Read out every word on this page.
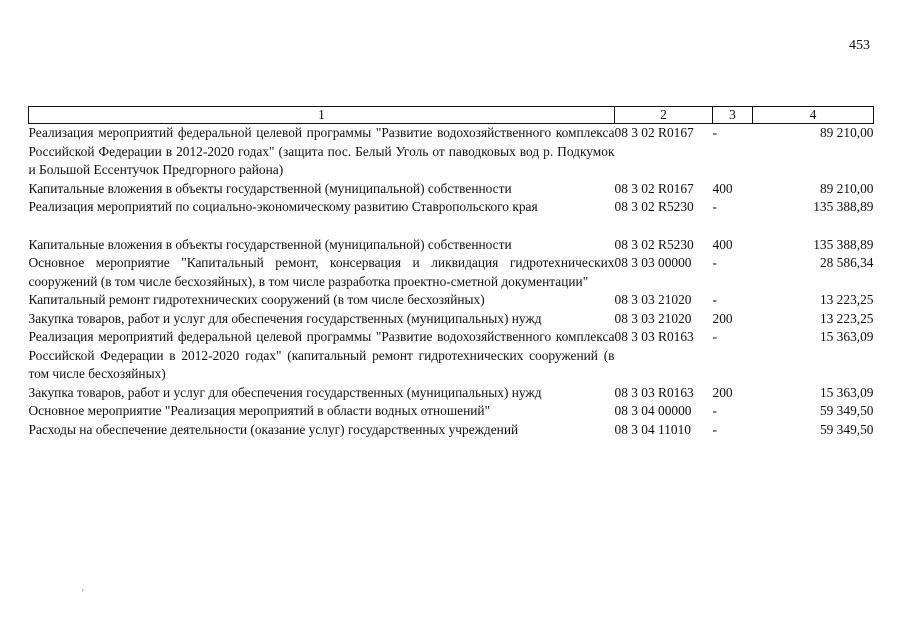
453
1	2	3	4
Реализация мероприятий федеральной целевой программы "Развитие водохозяйственного комплекса Российской Федерации в 2012-2020 годах" (защита пос. Белый Уголь от паводковых вод р. Подкумок и Большой Ессентучок Предгорного района)	08 3 02 R0167	-	89 210,00
Капитальные вложения в объекты государственной (муниципальной) собственности	08 3 02 R0167	400	89 210,00
Реализация мероприятий по социально-экономическому развитию Ставропольского края	08 3 02 R5230	-	135 388,89

Капитальные вложения в объекты государственной (муниципальной) собственности	08 3 02 R5230	400	135 388,89
Основное мероприятие "Капитальный ремонт, консервация и ликвидация гидротехнических сооружений (в том числе бесхозяйных), в том числе разработка проектно-сметной документации"	08 3 03 00000	-	28 586,34
Капитальный ремонт гидротехнических сооружений (в том числе бесхозяйных)	08 3 03 21020	-	13 223,25
Закупка товаров, работ и услуг для обеспечения государственных (муниципальных) нужд	08 3 03 21020	200	13 223,25
Реализация мероприятий федеральной целевой программы "Развитие водохозяйственного комплекса Российской Федерации в 2012-2020 годах" (капитальный ремонт гидротехнических сооружений (в том числе бесхозяйных)	08 3 03 R0163	-	15 363,09
Закупка товаров, работ и услуг для обеспечения государственных (муниципальных) нужд	08 3 03 R0163	200	15 363,09
Основное мероприятие "Реализация мероприятий в области водных отношений"	08 3 04 00000	-	59 349,50
Расходы на обеспечение деятельности (оказание услуг) государственных учреждений	08 3 04 11010	-	59 349,50
'
